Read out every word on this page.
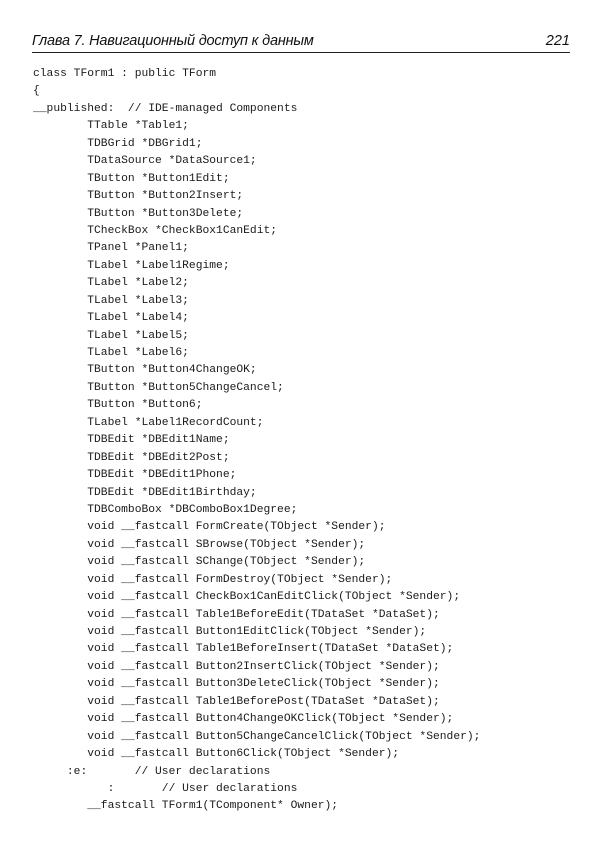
Глава 7. Навигационный доступ к данным	221
class TForm1 : public TForm
{
__published:  // IDE-managed Components
TTable *Table1;
TDBGrid *DBGrid1;
TDataSource *DataSource1;
TButton *Button1Edit;
TButton *Button2Insert;
TButton *Button3Delete;
TCheckBox *CheckBox1CanEdit;
TPanel *Panel1;
TLabel *Label1Regime;
TLabel *Label2;
TLabel *Label3;
TLabel *Label4;
TLabel *Label5;
TLabel *Label6;
TButton *Button4ChangeOK;
TButton *Button5ChangeCancel;
TButton *Button6;
TLabel *Label1RecordCount;
TDBEdit *DBEdit1Name;
TDBEdit *DBEdit2Post;
TDBEdit *DBEdit1Phone;
TDBEdit *DBEdit1Birthday;
TDBComboBox *DBComboBox1Degree;
void __fastcall FormCreate(TObject *Sender);
void __fastcall SBrowse(TObject *Sender);
void __fastcall SChange(TObject *Sender);
void __fastcall FormDestroy(TObject *Sender);
void __fastcall CheckBox1CanEditClick(TObject *Sender);
void __fastcall Table1BeforeEdit(TDataSet *DataSet);
void __fastcall Button1EditClick(TObject *Sender);
void __fastcall Table1BeforeInsert(TDataSet *DataSet);
void __fastcall Button2InsertClick(TObject *Sender);
void __fastcall Button3DeleteClick(TObject *Sender);
void __fastcall Table1BeforePost(TDataSet *DataSet);
void __fastcall Button4ChangeOKClick(TObject *Sender);
void __fastcall Button5ChangeCancelClick(TObject *Sender);
void __fastcall Button6Click(TObject *Sender);
:e:       // User declarations
:       // User declarations
__fastcall TForm1(TComponent* Owner);
